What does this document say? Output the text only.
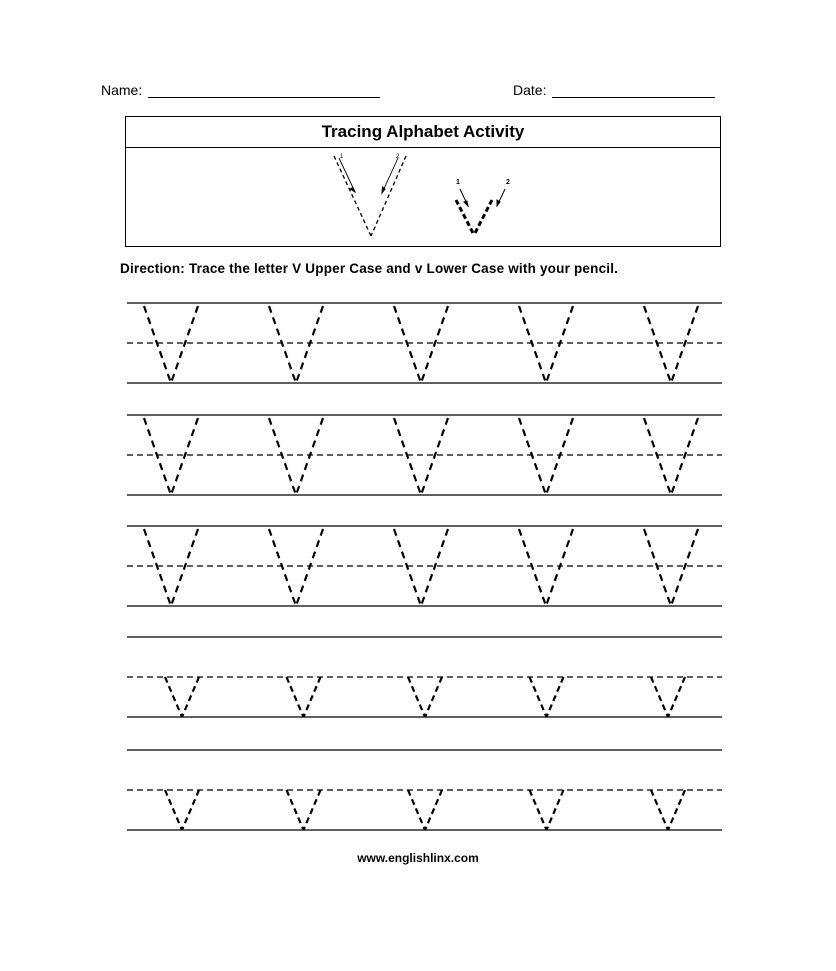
Name:	Date:
Tracing Alphabet Activity
1	2
1	2
Direction: Trace the letter V Upper Case and v Lower Case with your pencil.
www.englishlinx.com
